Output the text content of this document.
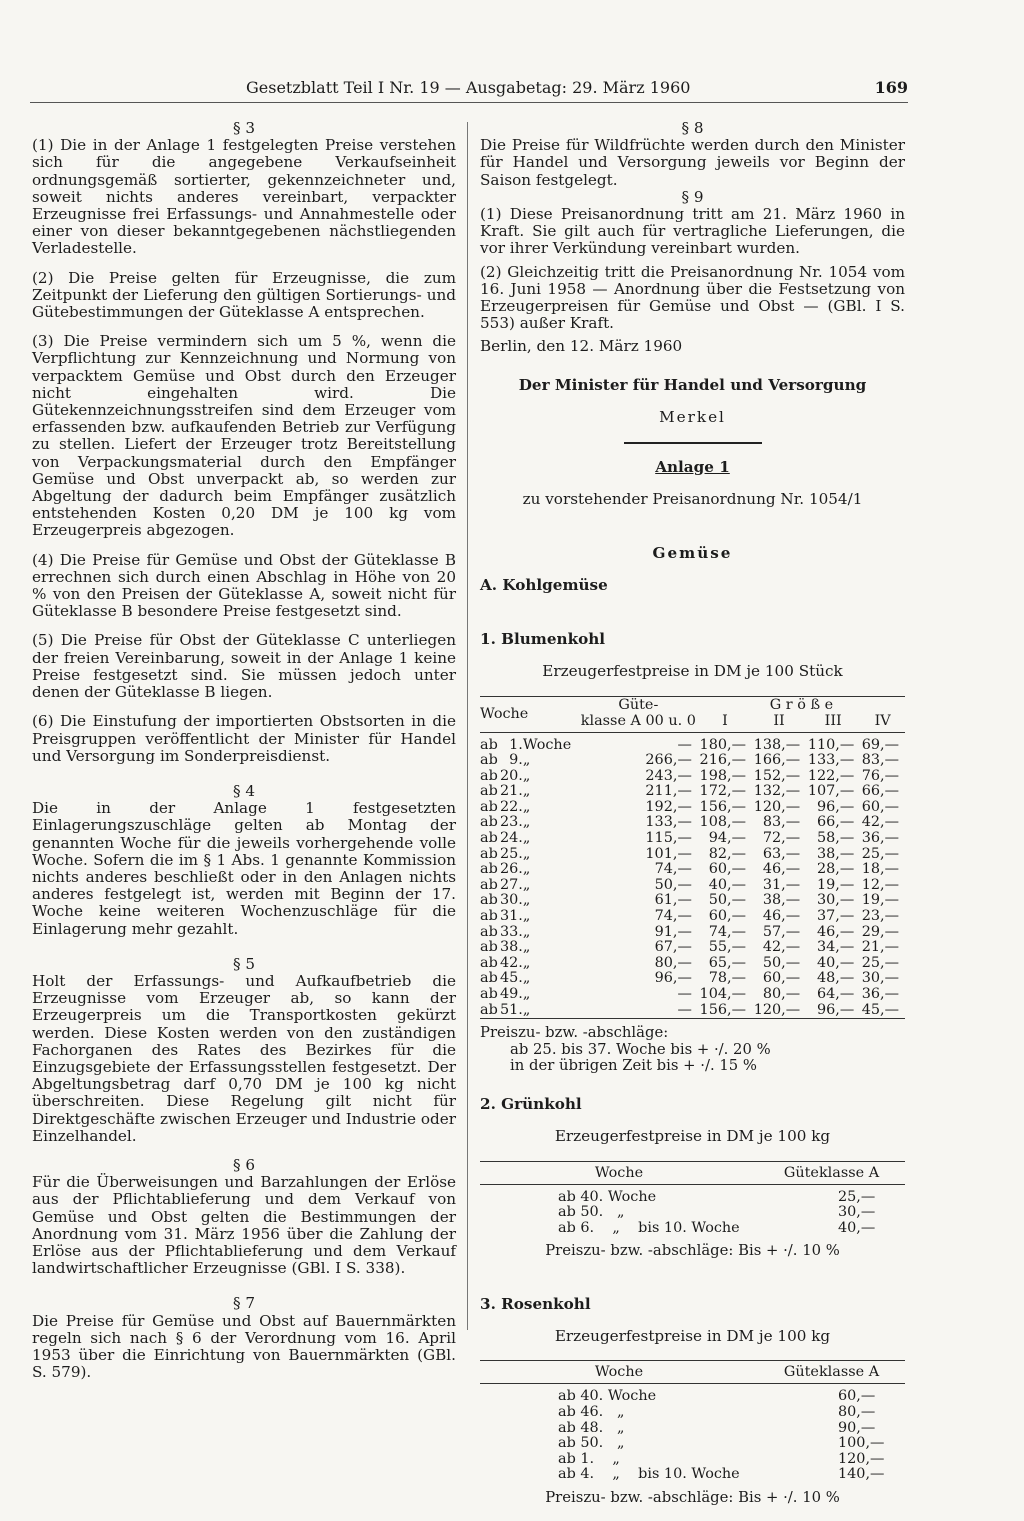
Gesetzblatt Teil I Nr. 19 — Ausgabetag: 29. März 1960	169

§ 3

(1) Die in der Anlage 1 festgelegten Preise verstehen sich für die angegebene Verkaufseinheit ordnungsgemäß sortierter, gekennzeichneter und, soweit nichts anderes vereinbart, verpackter Erzeugnisse frei Erfassungs- und Annahmestelle oder einer von dieser bekanntgegebenen nächstliegenden Verladestelle.

(2) Die Preise gelten für Erzeugnisse, die zum Zeitpunkt der Lieferung den gültigen Sortierungs- und Gütebestimmungen der Güteklasse A entsprechen.

(3) Die Preise vermindern sich um 5 %, wenn die Verpflichtung zur Kennzeichnung und Normung von verpacktem Gemüse und Obst durch den Erzeuger nicht eingehalten wird. Die Gütekennzeichnungsstreifen sind dem Erzeuger vom erfassenden bzw. aufkaufenden Betrieb zur Verfügung zu stellen. Liefert der Erzeuger trotz Bereitstellung von Verpackungsmaterial durch den Empfänger Gemüse und Obst unverpackt ab, so werden zur Abgeltung der dadurch beim Empfänger zusätzlich entstehenden Kosten 0,20 DM je 100 kg vom Erzeugerpreis abgezogen.

(4) Die Preise für Gemüse und Obst der Güteklasse B errechnen sich durch einen Abschlag in Höhe von 20 % von den Preisen der Güteklasse A, soweit nicht für Güteklasse B besondere Preise festgesetzt sind.

(5) Die Preise für Obst der Güteklasse C unterliegen der freien Vereinbarung, soweit in der Anlage 1 keine Preise festgesetzt sind. Sie müssen jedoch unter denen der Güteklasse B liegen.

(6) Die Einstufung der importierten Obstsorten in die Preisgruppen veröffentlicht der Minister für Handel und Versorgung im Sonderpreisdienst.

§ 4

Die in der Anlage 1 festgesetzten Einlagerungszuschläge gelten ab Montag der genannten Woche für die jeweils vorhergehende volle Woche. Sofern die im § 1 Abs. 1 genannte Kommission nichts anderes beschließt oder in den Anlagen nichts anderes festgelegt ist, werden mit Beginn der 17. Woche keine weiteren Wochenzuschläge für die Einlagerung mehr gezahlt.

§ 5

Holt der Erfassungs- und Aufkaufbetrieb die Erzeugnisse vom Erzeuger ab, so kann der Erzeugerpreis um die Transportkosten gekürzt werden. Diese Kosten werden von den zuständigen Fachorganen des Rates des Bezirkes für die Einzugsgebiete der Erfassungsstellen festgesetzt. Der Abgeltungsbetrag darf 0,70 DM je 100 kg nicht überschreiten. Diese Regelung gilt nicht für Direktgeschäfte zwischen Erzeuger und Industrie oder Einzelhandel.

§ 6

Für die Überweisungen und Barzahlungen der Erlöse aus der Pflichtablieferung und dem Verkauf von Gemüse und Obst gelten die Bestimmungen der Anordnung vom 31. März 1956 über die Zahlung der Erlöse aus der Pflichtablieferung und dem Verkauf landwirtschaftlicher Erzeugnisse (GBl. I S. 338).

§ 7

Die Preise für Gemüse und Obst auf Bauernmärkten regeln sich nach § 6 der Verordnung vom 16. April 1953 über die Einrichtung von Bauernmärkten (GBl. S. 579).

§ 8

Die Preise für Wildfrüchte werden durch den Minister für Handel und Versorgung jeweils vor Beginn der Saison festgelegt.

§ 9

(1) Diese Preisanordnung tritt am 21. März 1960 in Kraft. Sie gilt auch für vertragliche Lieferungen, die vor ihrer Verkündung vereinbart wurden.

(2) Gleichzeitig tritt die Preisanordnung Nr. 1054 vom 16. Juni 1958 — Anordnung über die Festsetzung von Erzeugerpreisen für Gemüse und Obst — (GBl. I S. 553) außer Kraft.

Berlin, den 12. März 1960

Der Minister für Handel und Versorgung

Merkel

Anlage 1

zu vorstehender Preisanordnung Nr. 1054/1

Gemüse

A. Kohlgemüse

1. Blumenkohl

Erzeugerfestpreise in DM je 100 Stück

Woche			Güte-	G r ö ß e			
			klasse A 00 u. 0	I	II	III	IV
ab	1.	Woche	—	180,—	138,—	110,—	69,—
ab	9.	„	266,—	216,—	166,—	133,—	83,—
ab	20.	„	243,—	198,—	152,—	122,—	76,—
ab	21.	„	211,—	172,—	132,—	107,—	66,—
ab	22.	„	192,—	156,—	120,—	96,—	60,—
ab	23.	„	133,—	108,—	83,—	66,—	42,—
ab	24.	„	115,—	94,—	72,—	58,—	36,—
ab	25.	„	101,—	82,—	63,—	38,—	25,—
ab	26.	„	74,—	60,—	46,—	28,—	18,—
ab	27.	„	50,—	40,—	31,—	19,—	12,—
ab	30.	„	61,—	50,—	38,—	30,—	19,—
ab	31.	„	74,—	60,—	46,—	37,—	23,—
ab	33.	„	91,—	74,—	57,—	46,—	29,—
ab	38.	„	67,—	55,—	42,—	34,—	21,—
ab	42.	„	80,—	65,—	50,—	40,—	25,—
ab	45.	„	96,—	78,—	60,—	48,—	30,—
ab	49.	„	—	104,—	80,—	64,—	36,—
ab	51.	„	—	156,—	120,—	96,—	45,—
Preiszu- bzw. -abschläge:
ab 25. bis 37. Woche bis + ·/. 20 %
in der übrigen Zeit bis + ·/. 15 %

2. Grünkohl

Erzeugerfestpreise in DM je 100 kg

Woche	Güteklasse A
ab 40. Woche	25,—
ab 50.   „	30,—
ab 6.    „    bis 10. Woche	40,—

Preiszu- bzw. -abschläge: Bis + ·/. 10 %

3. Rosenkohl

Erzeugerfestpreise in DM je 100 kg

Woche	Güteklasse A
ab 40. Woche	60,—
ab 46.   „	80,—
ab 48.   „	90,—
ab 50.   „	100,—
ab 1.    „	120,—
ab 4.    „    bis 10. Woche	140,—

Preiszu- bzw. -abschläge: Bis + ·/. 10 %
